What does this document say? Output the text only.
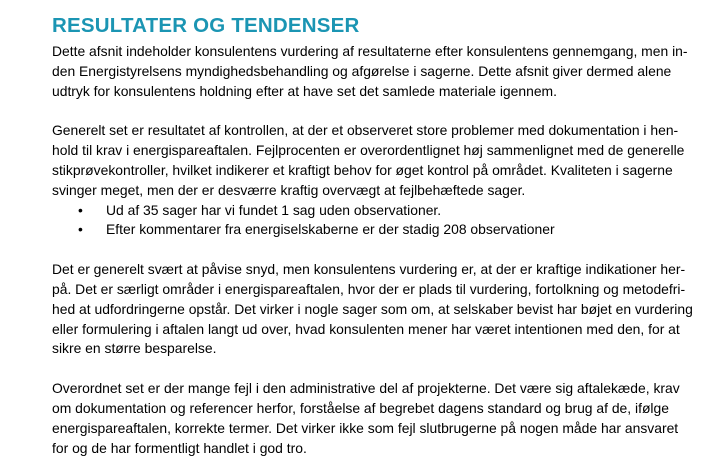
RESULTATER OG TENDENSER

Dette afsnit indeholder konsulentens vurdering af resultaterne efter konsulentens gennemgang, men in-
den Energistyrelsens myndighedsbehandling og afgørelse i sagerne. Dette afsnit giver dermed alene
udtryk for konsulentens holdning efter at have set det samlede materiale igennem.

Generelt set er resultatet af kontrollen, at der et observeret store problemer med dokumentation i hen-
hold til krav i energispareaftalen. Fejlprocenten er overordentlignet høj sammenlignet med de generelle
stikprøvekontroller, hvilket indikerer et kraftigt behov for øget kontrol på området. Kvaliteten i sagerne
svinger meget, men der er desværre kraftig overvægt at fejlbehæftede sager.

• Ud af 35 sager har vi fundet 1 sag uden observationer.
• Efter kommentarer fra energiselskaberne er der stadig 208 observationer

Det er generelt svært at påvise snyd, men konsulentens vurdering er, at der er kraftige indikationer her-
på. Det er særligt områder i energispareaftalen, hvor der er plads til vurdering, fortolkning og metodefri-
hed at udfordringerne opstår. Det virker i nogle sager som om, at selskaber bevist har bøjet en vurdering
eller formulering i aftalen langt ud over, hvad konsulenten mener har været intentionen med den, for at
sikre en større besparelse.

Overordnet set er der mange fejl i den administrative del af projekterne. Det være sig aftalekæde, krav
om dokumentation og referencer herfor, forståelse af begrebet dagens standard og brug af de, ifølge
energispareaftalen, korrekte termer. Det virker ikke som fejl slutbrugerne på nogen måde har ansvaret
for og de har formentligt handlet i god tro.
